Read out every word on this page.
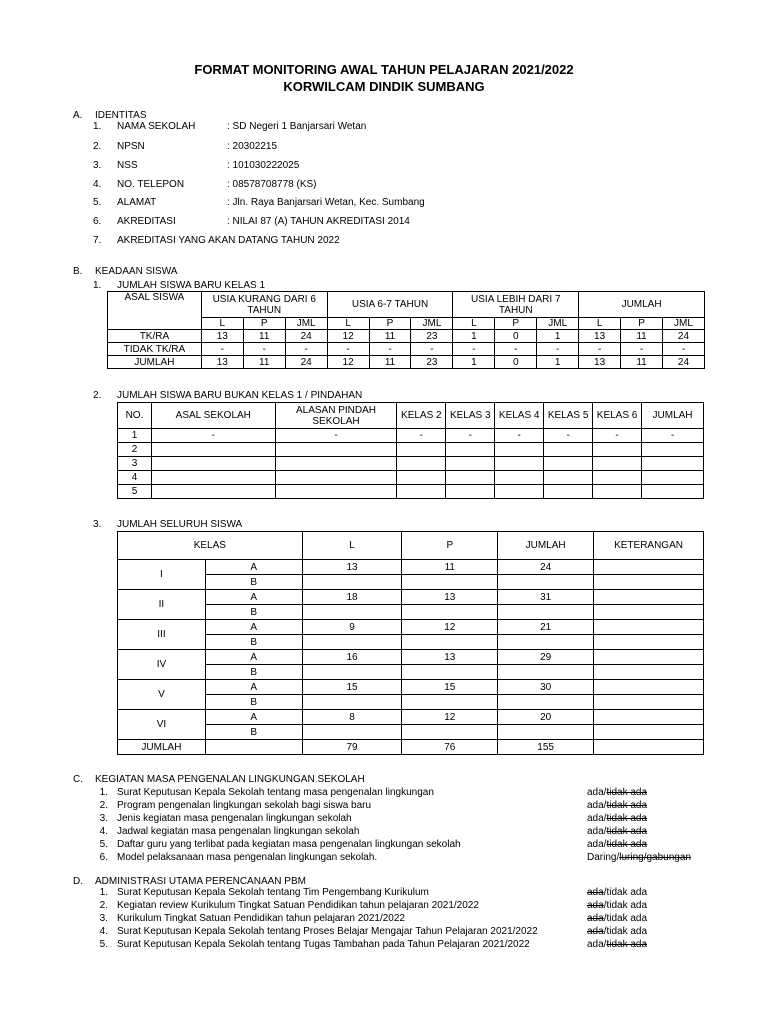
FORMAT MONITORING AWAL TAHUN PELAJARAN 2021/2022
KORWILCAM DINDIK SUMBANG
A. IDENTITAS
1. NAMA SEKOLAH	: SD Negeri 1 Banjarsari Wetan
2. NPSN	: 20302215
3. NSS	: 101030222025
4. NO. TELEPON	: 08578708778 (KS)
5. ALAMAT	: Jln. Raya Banjarsari Wetan, Kec. Sumbang
6. AKREDITASI	: NILAI 87 (A) TAHUN AKREDITASI 2014
7. AKREDITASI YANG AKAN DATANG TAHUN 2022
B. KEADAAN SISWA
1. JUMLAH SISWA BARU KELAS 1
ASAL SISWA	USIA KURANG DARI 6 TAHUN			USIA 6-7 TAHUN			USIA LEBIH DARI 7 TAHUN			JUMLAH		
	L	P	JML	L	P	JML	L	P	JML	L	P	JML
TK/RA	13	11	24	12	11	23	1	0	1	13	11	24
TIDAK TK/RA	-	-	-	-	-	-	-	-	-	-	-	-
JUMLAH	13	11	24	12	11	23	1	0	1	13	11	24
2. JUMLAH SISWA BARU BUKAN KELAS 1 / PINDAHAN
NO.	ASAL SEKOLAH	ALASAN PINDAH SEKOLAH	KELAS 2	KELAS 3	KELAS 4	KELAS 5	KELAS 6	JUMLAH
1	-	-	-	-	-	-	-	-
2								
3								
4								
5								
3. JUMLAH SELURUH SISWA
KELAS		L	P	JUMLAH	KETERANGAN
I	A	13	11	24	
	B				
II	A	18	13	31	
	B				
III	A	9	12	21	
	B				
IV	A	16	13	29	
	B				
V	A	15	15	30	
	B				
VI	A	8	12	20	
	B				
JUMLAH		79	76	155	
C. KEGIATAN MASA PENGENALAN LINGKUNGAN SEKOLAH
1. Surat Keputusan Kepala Sekolah tentang masa pengenalan lingkungan	ada/tidak ada
2. Program pengenalan lingkungan sekolah bagi siswa baru	ada/tidak ada
3. Jenis kegiatan masa pengenalan lingkungan sekolah	ada/tidak ada
4. Jadwal kegiatan masa pengenalan lingkungan sekolah	ada/tidak ada
5. Daftar guru yang terlibat pada kegiatan masa pengenalan lingkungan sekolah	ada/tidak ada
6. Model pelaksanaan masa pengenalan lingkungan sekolah.	Daring/luring/gabungan
D. ADMINISTRASI UTAMA PERENCANAAN PBM
1. Surat Keputusan Kepala Sekolah tentang Tim Pengembang Kurikulum	ada/tidak ada
2. Kegiatan review Kurikulum Tingkat Satuan Pendidikan tahun pelajaran 2021/2022	ada/tidak ada
3. Kurikulum Tingkat Satuan Pendidikan tahun pelajaran 2021/2022	ada/tidak ada
4. Surat Keputusan Kepala Sekolah tentang Proses Belajar Mengajar Tahun Pelajaran 2021/2022	ada/tidak ada
5. Surat Keputusan Kepala Sekolah tentang Tugas Tambahan pada Tahun Pelajaran 2021/2022	ada/tidak ada
